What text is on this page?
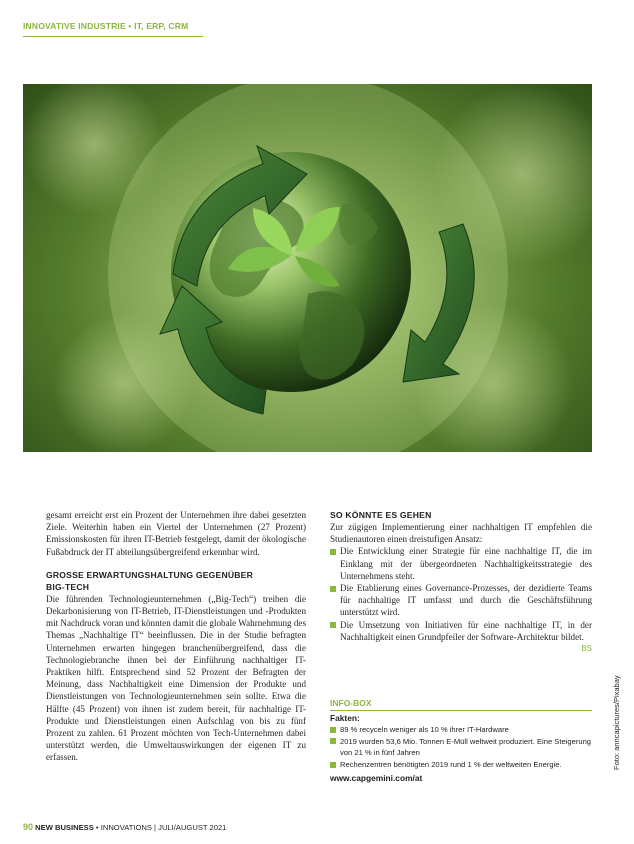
INNOVATIVE INDUSTRIE • IT, ERP, CRM
Foto: anncapictures/Pixabay

gesamt erreicht erst ein Prozent der Unternehmen ihre dabei gesetzten Ziele. Weiterhin haben ein Viertel der Unternehmen (27 Prozent) Emissionskosten für ihren IT-Betrieb festgelegt, damit der ökologische Fußabdruck der IT abteilungsübergreifend erkennbar wird.

GROSSE ERWARTUNGSHALTUNG GEGENÜBER
BIG-TECH

Die führenden Technologieunternehmen („Big-Tech“) treiben die Dekarbonisierung von IT-Betrieb, IT-Dienstleistungen und -Produkten mit Nachdruck voran und könnten damit die globale Wahrnehmung des Themas „Nachhaltige IT“ beeinflussen. Die in der Studie befragten Unternehmen erwarten hingegen branchenübergreifend, dass die Technologiebranche ihnen bei der Einführung nachhaltiger IT-Praktiken hilft. Entsprechend sind 52 Prozent der Befragten der Meinung, dass Nachhaltigkeit eine Dimension der Produkte und Dienstleistungen von Technologieunternehmen sein sollte. Etwa die Hälfte (45 Prozent) von ihnen ist zudem bereit, für nachhaltige IT-Produkte und Dienstleistungen einen Aufschlag von bis zu fünf Prozent zu zahlen. 61 Prozent möchten von Tech-Unternehmen dabei unterstützt werden, die Umweltauswirkungen der eigenen IT zu erfassen.

SO KÖNNTE ES GEHEN

Zur zügigen Implementierung einer nachhaltigen IT empfehlen die Studienautoren einen dreistufigen Ansatz:

Die Entwicklung einer Strategie für eine nachhaltige IT, die im Einklang mit der übergeordneten Nachhaltigkeitsstrategie des Unternehmens steht.
Die Etablierung eines Governance-Prozesses, der dezidierte Teams für nachhaltige IT umfasst und durch die Geschäftsführung unterstützt wird.
Die Umsetzung von Initiativen für eine nachhaltige IT, in der Nachhaltigkeit einen Grundpfeiler der Software-Architektur bildet.
BS
INFO-BOX
Fakten:
89 % recyceln weniger als 10 % ihrer IT-Hardware
2019 wurden 53,6 Mio. Tonnen E-Müll weltweit produziert. Eine Steigerung von 21 % in fünf Jahren
Rechenzentren benötigten 2019 rund 1 % der weltweiten Energie.
www.capgemini.com/at
90 NEW BUSINESS • INNOVATIONS | JULI/AUGUST 2021
